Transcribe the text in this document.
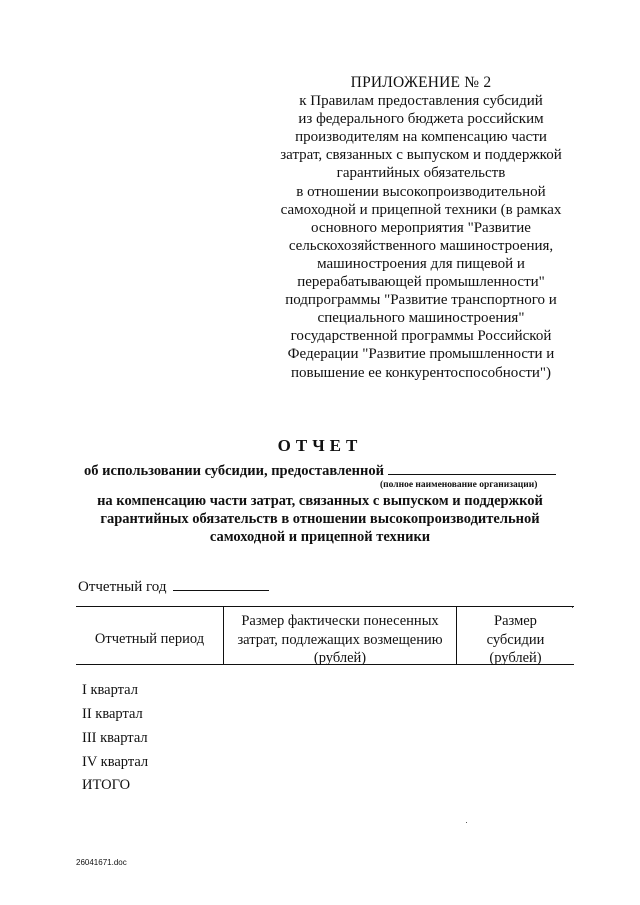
ПРИЛОЖЕНИЕ № 2
к Правилам предоставления субсидий
из федерального бюджета российским
производителям на компенсацию части
затрат, связанных с выпуском и поддержкой
гарантийных обязательств
в отношении высокопроизводительной
самоходной и прицепной техники (в рамках
основного мероприятия "Развитие
сельскохозяйственного машиностроения,
машиностроения для пищевой и
перерабатывающей промышленности"
подпрограммы "Развитие транспортного и
специального машиностроения"
государственной программы Российской
Федерации "Развитие промышленности и
повышение ее конкурентоспособности")
ОТЧЕТ
об использовании субсидии, предоставленной
(полное наименование организации)
на компенсацию части затрат, связанных с выпуском и поддержкой
гарантийных обязательств в отношении высокопроизводительной
самоходной и прицепной техники
Отчетный год
Отчетный период
Размер фактически понесенных
затрат, подлежащих возмещению
(рублей)
Размер
субсидии
(рублей)
I квартал
II квартал
III квартал
IV квартал
ИТОГО
26041671.doc
